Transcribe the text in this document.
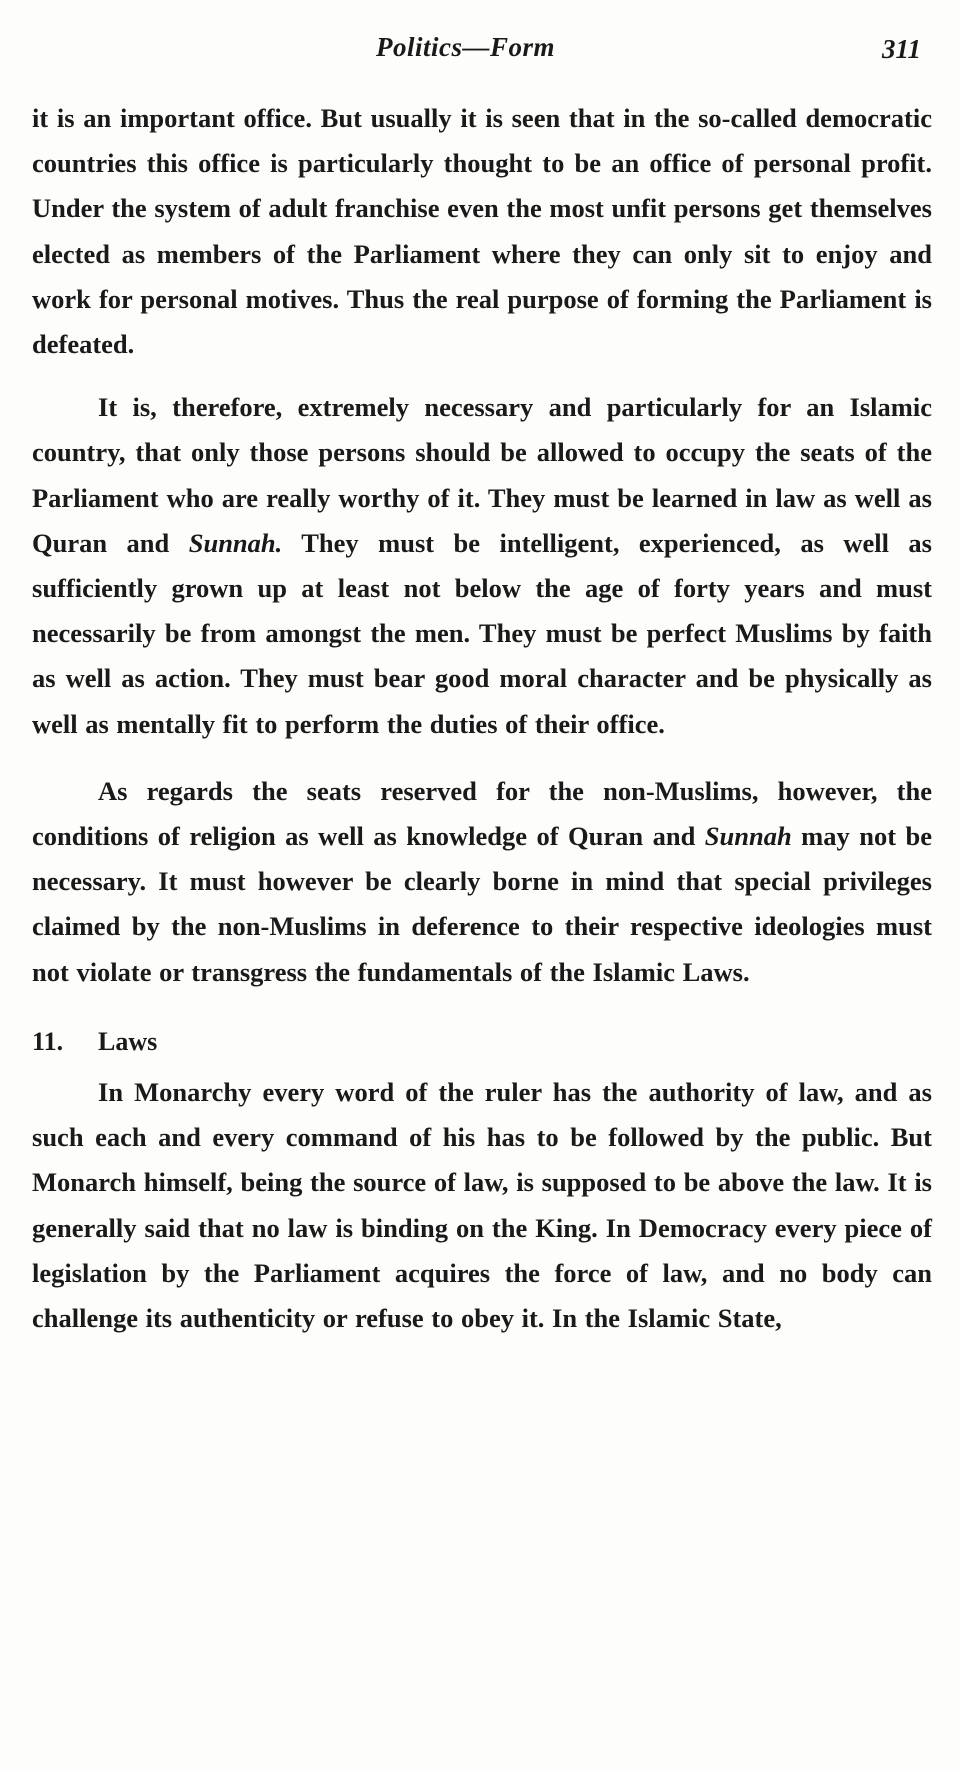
Politics—Form	311

it is an important office. But usually it is seen that in the so-called democratic countries this office is particularly thought to be an office of personal profit. Under the system of adult franchise even the most unfit persons get themselves elected as members of the Parliament where they can only sit to enjoy and work for personal motives. Thus the real purpose of forming the Parliament is defeated.

It is, therefore, extremely necessary and particularly for an Islamic country, that only those persons should be allowed to occupy the seats of the Parliament who are really worthy of it. They must be learned in law as well as Quran and Sunnah. They must be intelligent, experienced, as well as sufficiently grown up at least not below the age of forty years and must necessarily be from amongst the men. They must be perfect Muslims by faith as well as action. They must bear good moral character and be physically as well as mentally fit to perform the duties of their office.

As regards the seats reserved for the non-Muslims, however, the conditions of religion as well as knowledge of Quran and Sunnah may not be necessary. It must however be clearly borne in mind that special privileges claimed by the non-Muslims in deference to their respective ideologies must not violate or transgress the fundamentals of the Islamic Laws.

11. Laws

In Monarchy every word of the ruler has the authority of law, and as such each and every command of his has to be followed by the public. But Monarch himself, being the source of law, is supposed to be above the law. It is generally said that no law is binding on the King. In Democracy every piece of legislation by the Parliament acquires the force of law, and no body can challenge its authenticity or refuse to obey it. In the Islamic State,
